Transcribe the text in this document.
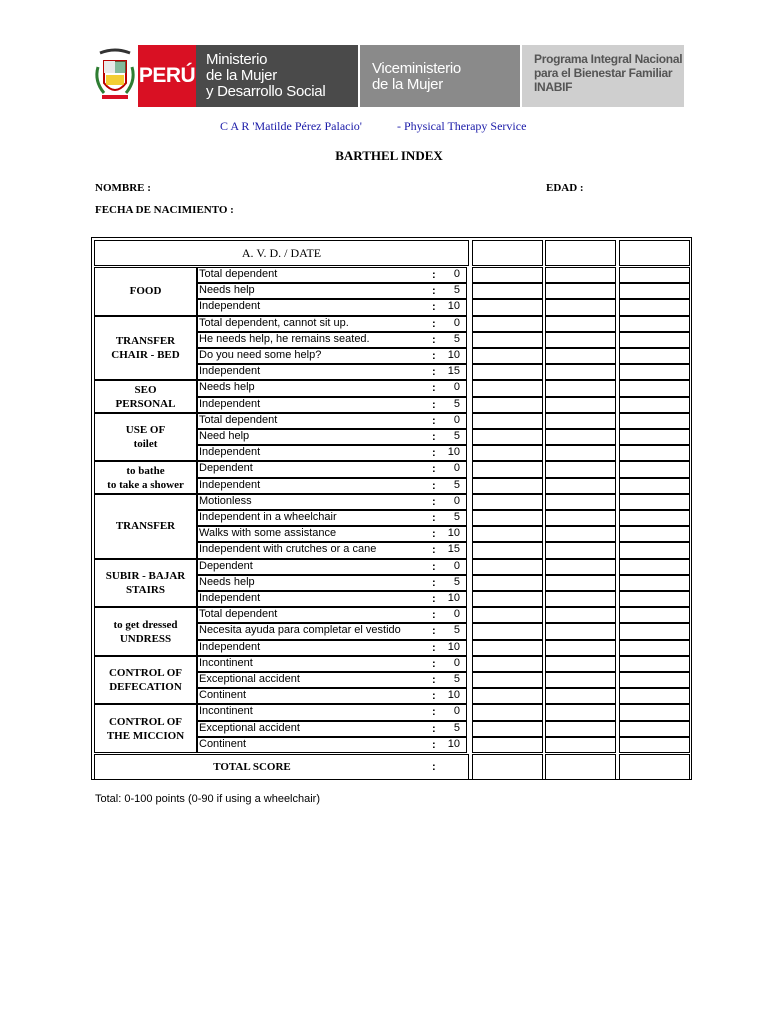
PERÚ
Ministerio
de la Mujer
y Desarrollo Social
Viceministerio
de la Mujer
Programa Integral Nacional
para el Bienestar Familiar
INABIF
C A R 'Matilde Pérez Palacio'	- Physical Therapy Service
BARTHEL INDEX
NOMBRE :	EDAD :
FECHA DE NACIMIENTO :
A. V. D. / DATE
FOOD
Total dependent	:	0
Needs help	:	5
Independent	:	10
TRANSFER
CHAIR - BED
Total dependent, cannot sit up.	:	0
He needs help, he remains seated.	:	5
Do you need some help?	:	10
Independent	:	15
SEO
PERSONAL
Needs help	:	0
Independent	:	5
USE OF
toilet
Total dependent	:	0
Need help	:	5
Independent	:	10
to bathe
to take a shower
Dependent	:	0
Independent	:	5
TRANSFER
Motionless	:	0
Independent in a wheelchair	:	5
Walks with some assistance	:	10
Independent with crutches or a cane	:	15
SUBIR - BAJAR
STAIRS
Dependent	:	0
Needs help	:	5
Independent	:	10
to get dressed
UNDRESS
Total dependent	:	0
Necesita ayuda para completar el vestido	:	5
Independent	:	10
CONTROL OF
DEFECATION
Incontinent	:	0
Exceptional accident	:	5
Continent	:	10
CONTROL OF
THE MICCION
Incontinent	:	0
Exceptional accident	:	5
Continent	:	10
TOTAL SCORE	:
Total: 0-100 points (0-90 if using a wheelchair)
